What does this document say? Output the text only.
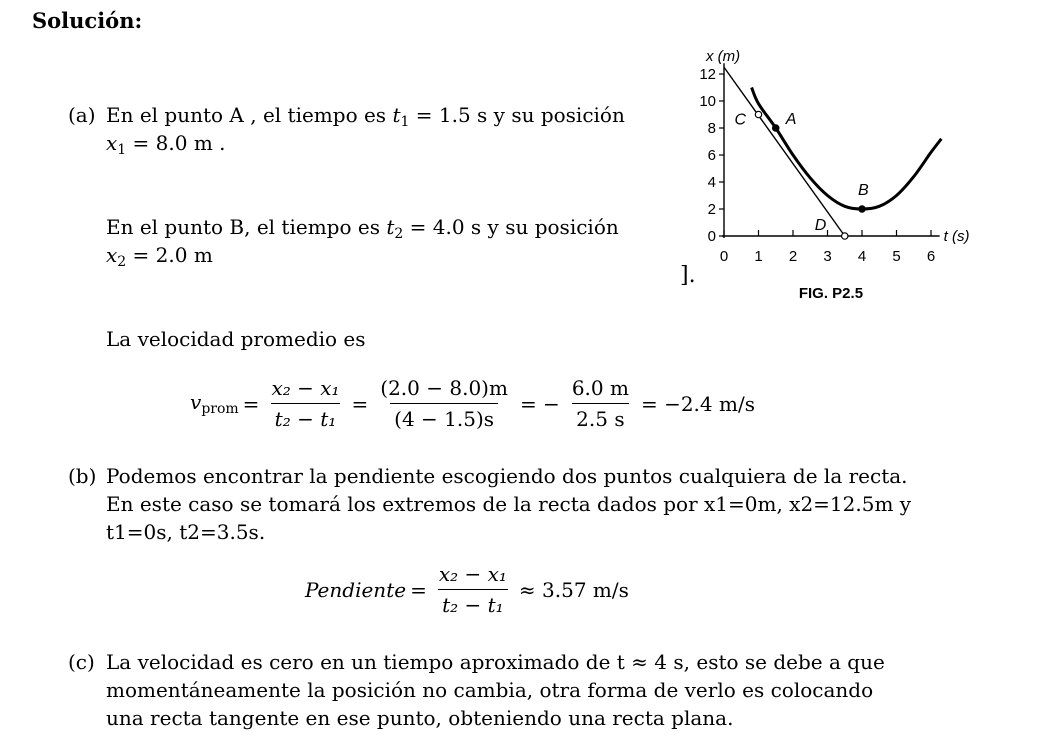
Solución:
(a) En el punto A , el tiempo es $t_1 = 1.5$ s y su posición
$x_1 = 8.0$ m .
En el punto B, el tiempo es $t_2 = 4.0$ s y su posición
$x_2 = 2.0$ m
].
La velocidad promedio es
$v_{prom} = \frac{\text{x₂ − x₁}}{\text{t₂ − t₁}} = \frac{(2.0 - 8.0)m}{(4 - 1.5)s}$ = − $\frac{6.0 m}{2.5 s} = -2.4$ m/s
(b) Podemos encontrar la pendiente escogiendo dos puntos cualquiera de la recta.
En este caso se tomará los extremos de la recta dados por x1=0m, x2=12.5m y
t1=0s, t2=3.5s.
Pendiente = $\frac{\text{x₂ − x₁}}{\text{t₂ − t₁}} \approx 3.57$ m/s
(c) La velocidad es cero en un tiempo aproximado de t ≈ 4 s, esto se debe a que
momentáneamente la posición no cambia, otra forma de verlo es colocando
una recta tangente en ese punto, obteniendo una recta plana.
0
2
4
6
8
10
12
0 1 2 3 4 5 6
x (m)
t (s)
A
B
C
D
FIG. P2.5
